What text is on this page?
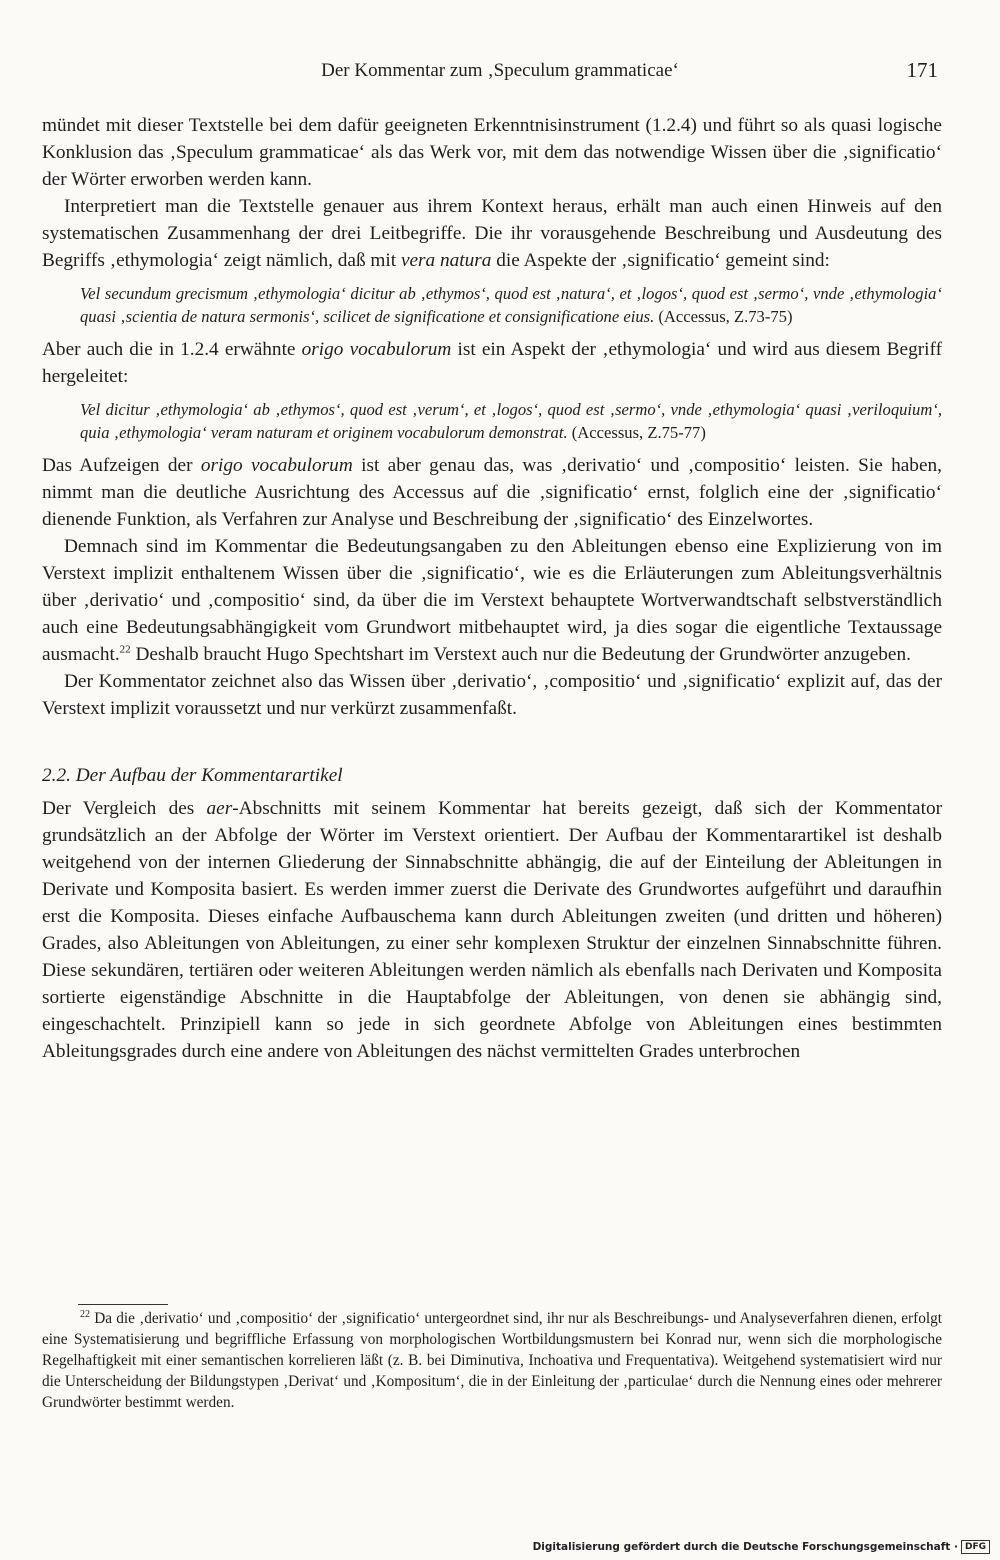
Der Kommentar zum ‚Speculum grammaticae‘	171

mündet mit dieser Textstelle bei dem dafür geeigneten Erkenntnisinstrument (1.2.4) und führt so als quasi logische Konklusion das ‚Speculum grammaticae‘ als das Werk vor, mit dem das notwendige Wissen über die ‚significatio‘ der Wörter erworben werden kann.

Interpretiert man die Textstelle genauer aus ihrem Kontext heraus, erhält man auch einen Hinweis auf den systematischen Zusammenhang der drei Leitbegriffe. Die ihr vorausgehende Beschreibung und Ausdeutung des Begriffs ‚ethymologia‘ zeigt nämlich, daß mit vera natura die Aspekte der ‚significatio‘ gemeint sind:

Vel secundum grecismum ‚ethymologia‘ dicitur ab ‚ethymos‘, quod est ‚natura‘, et ‚logos‘, quod est ‚sermo‘, vnde ‚ethymologia‘ quasi ‚scientia de natura sermonis‘, scilicet de significatione et consignificatione eius. (Accessus, Z.73-75)

Aber auch die in 1.2.4 erwähnte origo vocabulorum ist ein Aspekt der ‚ethymologia‘ und wird aus diesem Begriff hergeleitet:

Vel dicitur ‚ethymologia‘ ab ‚ethymos‘, quod est ‚verum‘, et ‚logos‘, quod est ‚sermo‘, vnde ‚ethymologia‘ quasi ‚veriloquium‘, quia ‚ethymologia‘ veram naturam et originem vocabulorum demonstrat. (Accessus, Z.75-77)

Das Aufzeigen der origo vocabulorum ist aber genau das, was ‚derivatio‘ und ‚compositio‘ leisten. Sie haben, nimmt man die deutliche Ausrichtung des Accessus auf die ‚significatio‘ ernst, folglich eine der ‚significatio‘ dienende Funktion, als Verfahren zur Analyse und Beschreibung der ‚significatio‘ des Einzelwortes.

Demnach sind im Kommentar die Bedeutungsangaben zu den Ableitungen ebenso eine Explizierung von im Verstext implizit enthaltenem Wissen über die ‚significatio‘, wie es die Erläuterungen zum Ableitungsverhältnis über ‚derivatio‘ und ‚compositio‘ sind, da über die im Verstext behauptete Wortverwandtschaft selbstverständlich auch eine Bedeutungsabhängigkeit vom Grundwort mitbehauptet wird, ja dies sogar die eigentliche Textaussage ausmacht.$^{22}$ Deshalb braucht Hugo Spechtshart im Verstext auch nur die Bedeutung der Grundwörter anzugeben.

Der Kommentator zeichnet also das Wissen über ‚derivatio‘, ‚compositio‘ und ‚significatio‘ explizit auf, das der Verstext implizit voraussetzt und nur verkürzt zusammenfaßt.

2.2. Der Aufbau der Kommentarartikel

Der Vergleich des aer-Abschnitts mit seinem Kommentar hat bereits gezeigt, daß sich der Kommentator grundsätzlich an der Abfolge der Wörter im Verstext orientiert. Der Aufbau der Kommentarartikel ist deshalb weitgehend von der internen Gliederung der Sinnabschnitte abhängig, die auf der Einteilung der Ableitungen in Derivate und Komposita basiert. Es werden immer zuerst die Derivate des Grundwortes aufgeführt und daraufhin erst die Komposita. Dieses einfache Aufbauschema kann durch Ableitungen zweiten (und dritten und höheren) Grades, also Ableitungen von Ableitungen, zu einer sehr komplexen Struktur der einzelnen Sinnabschnitte führen. Diese sekundären, tertiären oder weiteren Ableitungen werden nämlich als ebenfalls nach Derivaten und Komposita sortierte eigenständige Abschnitte in die Hauptabfolge der Ableitungen, von denen sie abhängig sind, eingeschachtelt. Prinzipiell kann so jede in sich geordnete Abfolge von Ableitungen eines bestimmten Ableitungsgrades durch eine andere von Ableitungen des nächst vermittelten Grades unterbrochen

$^{22}$ Da die ‚derivatio‘ und ‚compositio‘ der ‚significatio‘ untergeordnet sind, ihr nur als Beschreibungs- und Analyseverfahren dienen, erfolgt eine Systematisierung und begriffliche Erfassung von morphologischen Wortbildungsmustern bei Konrad nur, wenn sich die morphologische Regelhaftigkeit mit einer semantischen korrelieren läßt (z. B. bei Diminutiva, Inchoativa und Frequentativa). Weitgehend systematisiert wird nur die Unterscheidung der Bildungstypen ‚Derivat‘ und ‚Kompositum‘, die in der Einleitung der ‚particulae‘ durch die Nennung eines oder mehrerer Grundwörter bestimmt werden.

Digitalisierung gefördert durch die Deutsche Forschungsgemeinschaft · DFG
